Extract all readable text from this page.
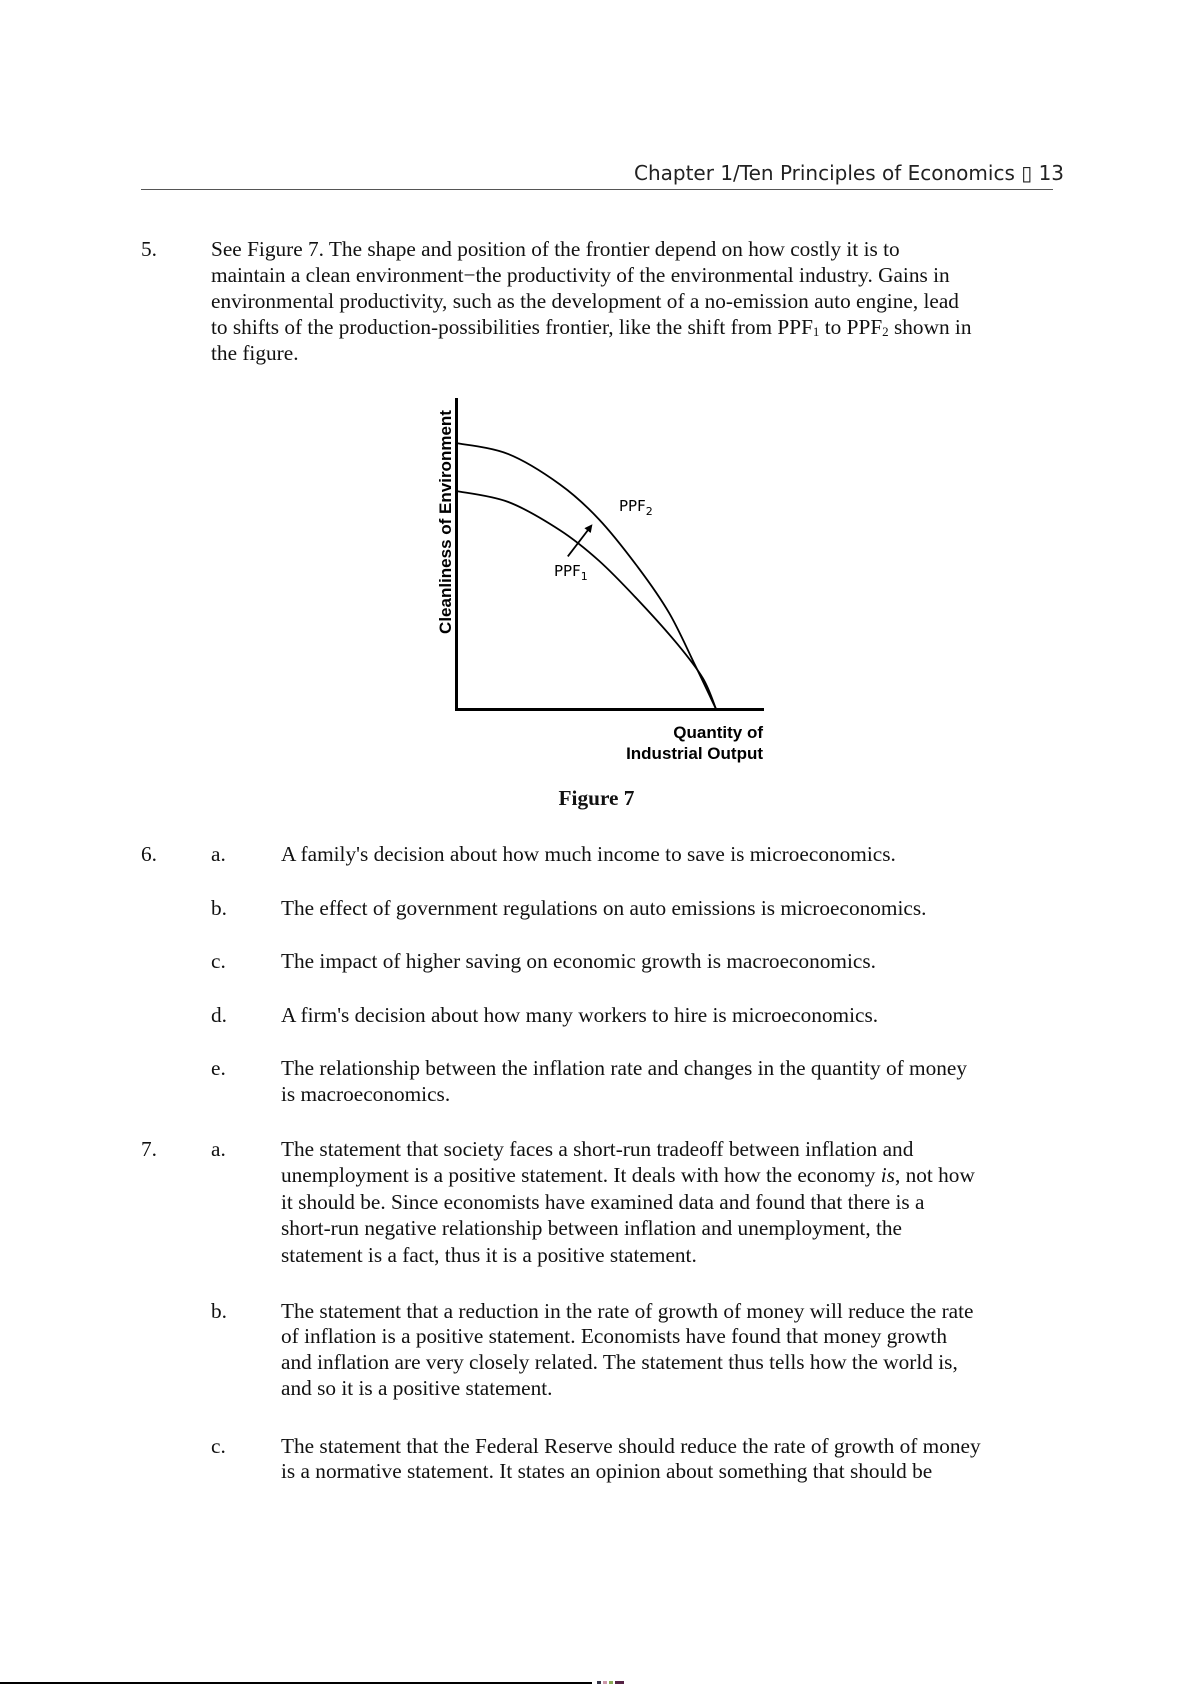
Chapter 1/Ten Principles of Economics ▯ 13
5.	See Figure 7. The shape and position of the frontier depend on how costly it is to
maintain a clean environment−the productivity of the environmental industry. Gains in
environmental productivity, such as the development of a no-emission auto engine, lead
to shifts of the production-possibilities frontier, like the shift from $PPF_1$ to $PPF_2$ shown in
the figure.
$PPF_2$
$PPF_1$
Cleanliness of Environment
Quantity of
Industrial Output
Figure 7
6.	a.	A family's decision about how much income to save is microeconomics.
b.	The effect of government regulations on auto emissions is microeconomics.
c.	The impact of higher saving on economic growth is macroeconomics.
d.	A firm's decision about how many workers to hire is microeconomics.
e.	The relationship between the inflation rate and changes in the quantity of money
is macroeconomics.
7.	a.	The statement that society faces a short-run tradeoff between inflation and
unemployment is a positive statement. It deals with how the economy is, not how
it should be. Since economists have examined data and found that there is a
short-run negative relationship between inflation and unemployment, the
statement is a fact, thus it is a positive statement.
b.	The statement that a reduction in the rate of growth of money will reduce the rate
of inflation is a positive statement. Economists have found that money growth
and inflation are very closely related. The statement thus tells how the world is,
and so it is a positive statement.
c.	The statement that the Federal Reserve should reduce the rate of growth of money
is a normative statement. It states an opinion about something that should be
